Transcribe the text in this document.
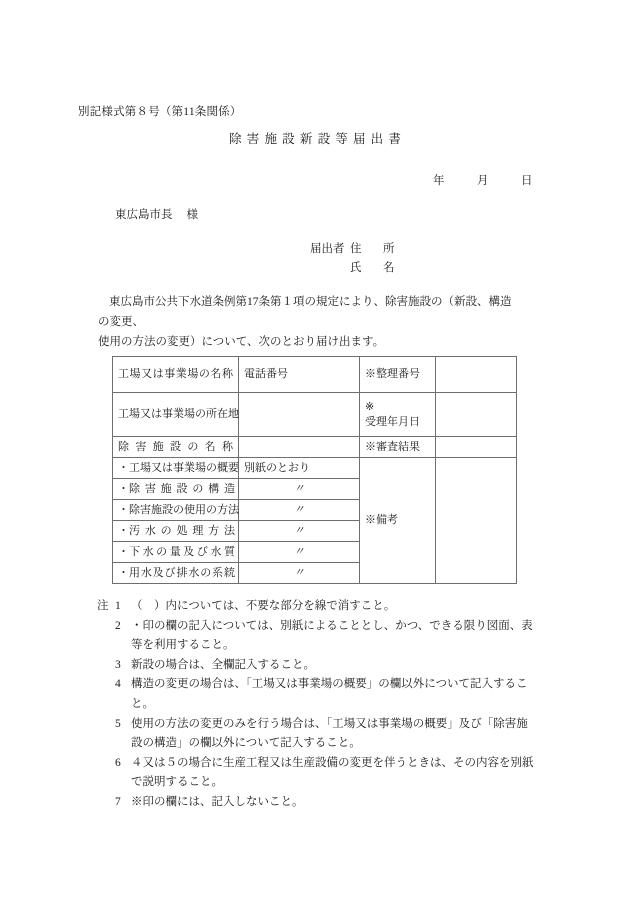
別記様式第８号（第11条関係）
除害施設新設等届出書
年	月	日
東広島市長 様
届出者 住　所
氏　名
東広島市公共下水道条例第17条第１項の規定により、除害施設の（新設、構造の変更、
使用の方法の変更）について、次のとおり届け出ます。
工場又は事業場の名称	電話番号	※整理番号	
工場又は事業場の所在地		※
受理年月日	
除害施設の名称		※審査結果	
・工場又は事業場の概要	別紙のとおり	※備考	
・除害施設の構造	〃		
・除害施設の使用の方法	〃		
・汚水の処理方法	〃		
・下水の量及び水質	〃		
・用水及び排水の系統	〃		
注 1 （　）内については、不要な部分を線で消すこと。
2 ・印の欄の記入については、別紙によることとし、かつ、できる限り図面、表
等を利用すること。
3 新設の場合は、全欄記入すること。
4 構造の変更の場合は、「工場又は事業場の概要」の欄以外について記入するこ
と。
5 使用の方法の変更のみを行う場合は、「工場又は事業場の概要」及び「除害施
設の構造」の欄以外について記入すること。
6 ４又は５の場合に生産工程又は生産設備の変更を伴うときは、その内容を別紙
で説明すること。
7 ※印の欄には、記入しないこと。
